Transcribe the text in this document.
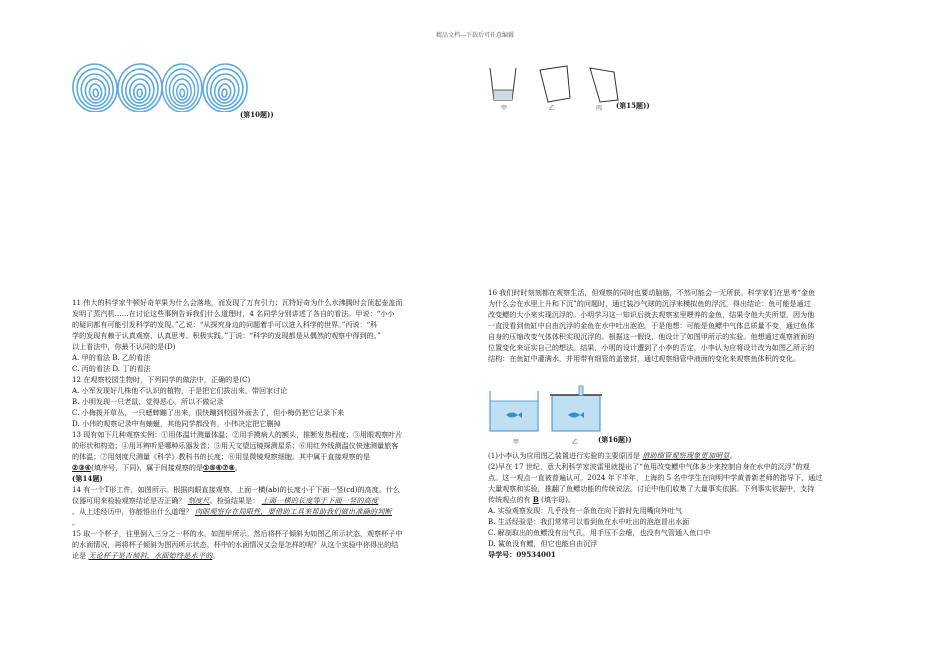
精品文档---下载后可任意编辑
(第10题))
甲	乙	丙 (第15题))

11 伟大的科学家牛顿好奇苹果为什么会落地，而发现了万有引力；瓦特好奇为什么水沸腾时会顶起壶盖而

发明了蒸汽机……在讨论这些事例告诉我们什么道理时，4 名同学分别讲述了各自的看法。甲说：“小小

的疑问都有可能引发科学的发现。”乙说：“从探究身边的问题着手可以进入科学的世界。”丙说：“科

学的发现有赖于认真观察、认真思考、积极实践。”丁说：“科学的发现都是从偶然的观察中得到的。”

以上看法中，你最不认同的是(D)

A. 甲的看法 B. 乙的看法

C. 丙的看法 D. 丁的看法

12 在观察校园生物时，下列同学的做法中，正确的是(C)

A. 小军发现好几株他不认识的植物，于是把它们拔出来，带回家讨论

B. 小明发现一只老鼠，觉得恶心，所以不做记录

C. 小梅拨开草丛，一只蟋蟀蹦了出来，很快蹦到校园外面去了，但小梅仍把它记录下来

D. 小伟的观察记录中有蚰蜒，其他同学都没有，小伟决定把它删掉

13 现有如下几种观察实例：①用体温计测量体温；②用手摸病人的额头，推断发热程度；③用眼观察叶片

的形状和构造；④用耳辨听是哪种乐器发音；⑤用天文望远镜探测星系；⑥用红外线测温仪快速测量旅客

的体温；⑦用刻度尺测量《科学》教科书的长度；⑧用显微镜观察细胞。其中属于直接观察的是

②③④(填序号，下同)，属于间接观察的是①⑤⑥⑦⑧。

(第14题)

14 有一个T形工件，如图所示。根据肉眼直接观察，上面一横(ab)的长度小于下面一竖(cd)的高度。什么

仪器可用来检验观察结论是否正确？ 刻度尺。检验结果是： 上面一横的长度等于下面一竖的高度

。从上述经历中，你能悟出什么道理？ 肉眼观察存在局限性，要借助工具来帮助我们做出准确的判断

。

15 取一个杯子，往里倒入三分之一杯的水，如图甲所示。然后将杯子倾斜为如图乙所示状态，观察杯子中

的水面情况，再将杯子倾斜为图丙所示状态，杯中的水面情况又会是怎样的呢？从这个实验中你得出的结

论是 无论杯子是否倾斜，水面始终是水平的。

16 我们时时刻刻都在观察生活，但观察的同时也要动脑筋，不然可能会一无所获。科学家们在思考“金鱼

为什么会在水里上升和下沉”的问题时，通过装沙气球的沉浮来模拟鱼的浮沉，得出结论：鱼可能是通过

改变鳔的大小来实现沉浮的。小明学习这一知识后就去观察家里喂养的金鱼，结果令他大失所望，因为他

一直没看到鱼缸中自由沉浮的金鱼在水中吐出泡泡。于是他想：可能是鱼鳔中气体总质量不变，通过鱼体

自身的压缩改变气体体积实现沉浮的。根据这一假设，他设计了如图甲所示的实验。他想通过观察液面的

位置变化来证实自己的想法。结果，小明的设计遭到了小李的否定，小李认为应将设计改为如图乙所示的

结构：在鱼缸中灌满水，并用带有细管的盖密封，通过观察细管中液面的变化来观察鱼体积的变化。

甲	乙	(第16题))

(1)小李认为应用图乙装置进行实验的主要原因是 借助细管观察现象更加明显。

(2)早在 17 世纪，意大利科学家波雷里就提出了“鱼用改变鳔中气体多少来控制自身在水中的沉浮”的观

点。这一观点一直被普遍认可。2024 年下半年，上海的 5 名中学生在向明中学黄普新老师的指导下，通过

大量观察和实验，推翻了鱼鳔功能的传统说法。讨论中他们收集了大量事实依据。下列事实依据中，支持

传统观点的有 B (填字母)。

A. 实验观察发现：几乎没有一条鱼在向下游时先用嘴向外吐气

B. 生活经验是：我们常常可以看到鱼在水中吐出的泡泡冒出水面

C. 解剖取出的鱼鳔没有出气孔，用手压不会瘪，也没有气管通入鱼口中

D. 鲨鱼没有鳔，但它也能自由沉浮

导学号：09534001
